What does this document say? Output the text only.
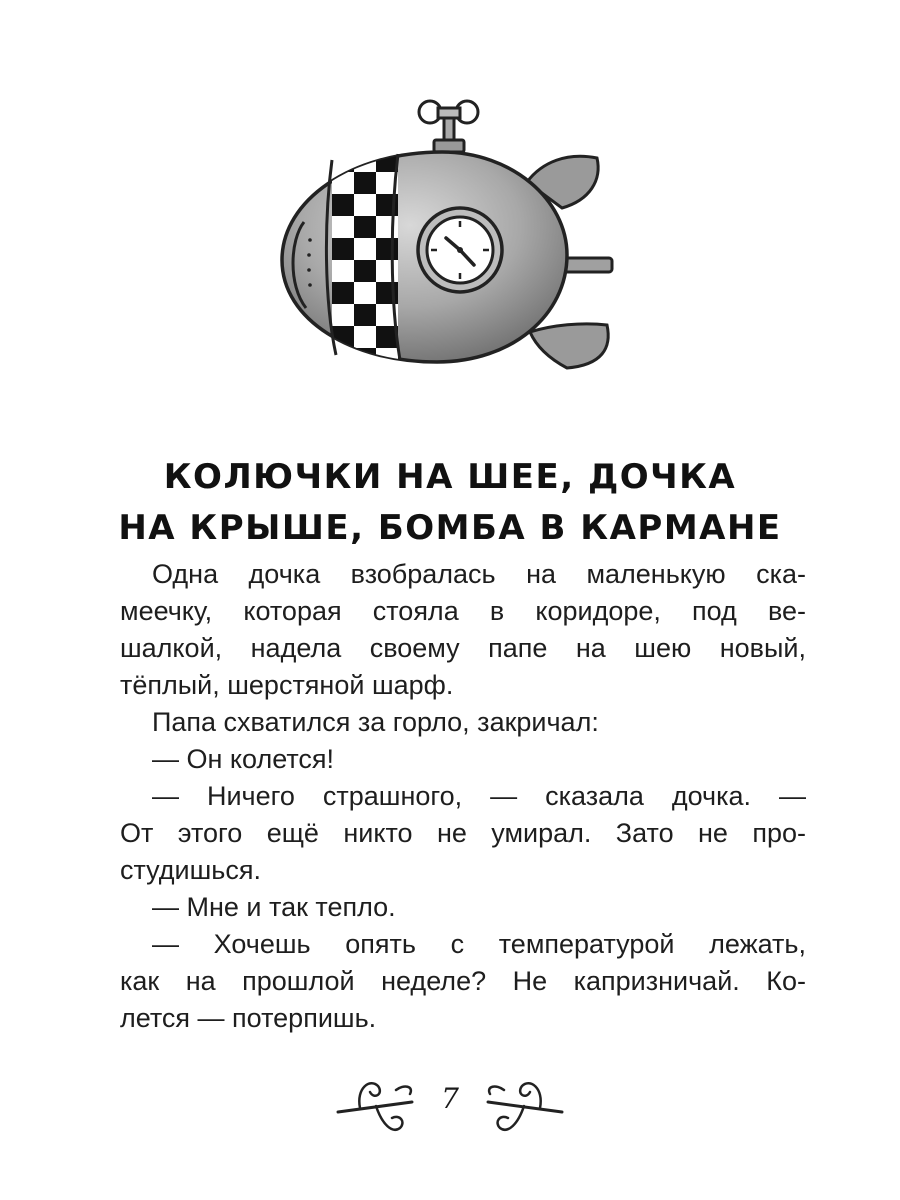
КОЛЮЧКИ НА ШЕЕ, ДОЧКА
НА КРЫШЕ, БОМБА В КАРМАНЕ
Одна дочка взобралась на маленькую ска-
меечку, которая стояла в коридоре, под ве-
шалкой, надела своему папе на шею новый,
тёплый, шерстяной шарф.
Папа схватился за горло, закричал:
— Он колется!
— Ничего страшного, — сказала дочка. —
От этого ещё никто не умирал. Зато не про-
студишься.
— Мне и так тепло.
— Хочешь опять с температурой лежать,
как на прошлой неделе? Не капризничай. Ко-
лется — потерпишь.
7
